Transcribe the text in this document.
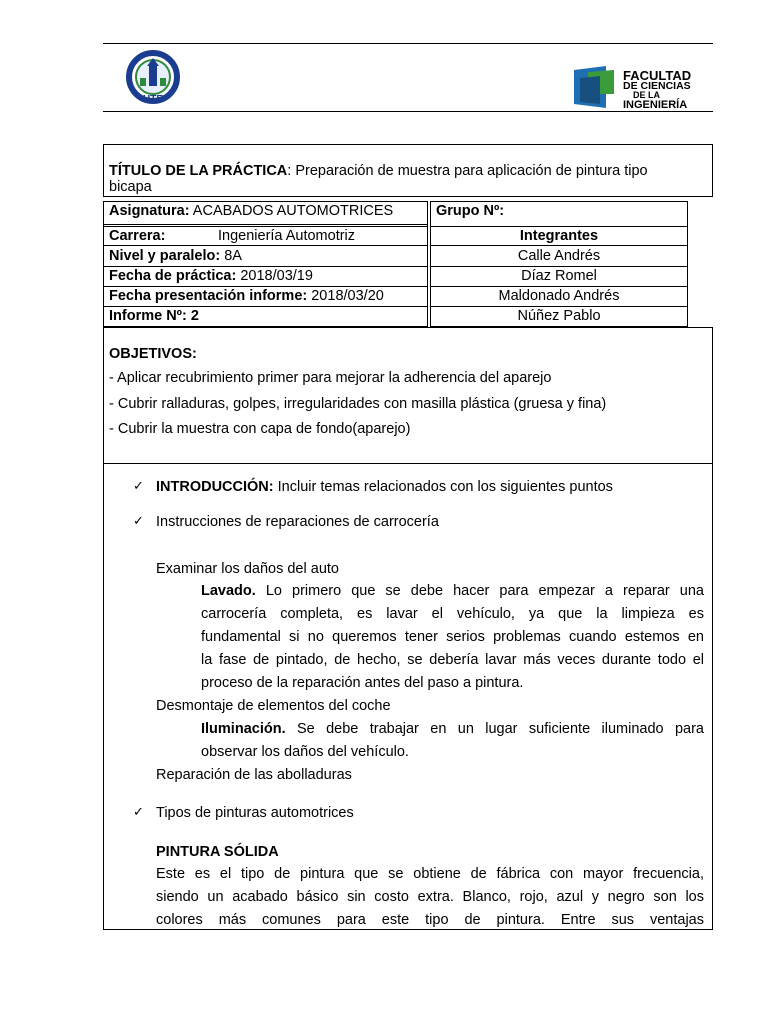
UTE
FACULTAD
DE CIENCIAS
DE LA
INGENIERÍA
TÍTULO DE LA PRÁCTICA: Preparación de muestra para aplicación de pintura tipo
bicapa
Asignatura: ACABADOS AUTOMOTRICES	Grupo Nº:
Carrera:	Ingeniería Automotriz	Integrantes
Nivel y paralelo: 8A	Calle Andrés
Fecha de práctica: 2018/03/19	Díaz Romel
Fecha presentación informe: 2018/03/20	Maldonado Andrés
Informe Nº: 2	Núñez Pablo
OBJETIVOS:
- Aplicar recubrimiento primer para mejorar la adherencia del aparejo
- Cubrir ralladuras, golpes, irregularidades con masilla plástica (gruesa y fina)
- Cubrir la muestra con capa de fondo(aparejo)
✓ INTRODUCCIÓN: Incluir temas relacionados con los siguientes puntos
✓ Instrucciones de reparaciones de carrocería
Examinar los daños del auto
Lavado. Lo primero que se debe hacer para empezar a reparar una
carrocería completa, es lavar el vehículo, ya que la limpieza es
fundamental si no queremos tener serios problemas cuando estemos en
la fase de pintado, de hecho, se debería lavar más veces durante todo el
proceso de la reparación antes del paso a pintura.
Desmontaje de elementos del coche
Iluminación. Se debe trabajar en un lugar suficiente iluminado para
observar los daños del vehículo.
Reparación de las abolladuras
✓ Tipos de pinturas automotrices
PINTURA SÓLIDA
Este es el tipo de pintura que se obtiene de fábrica con mayor frecuencia,
siendo un acabado básico sin costo extra. Blanco, rojo, azul y negro son los
colores más comunes para este tipo de pintura. Entre sus ventajas
